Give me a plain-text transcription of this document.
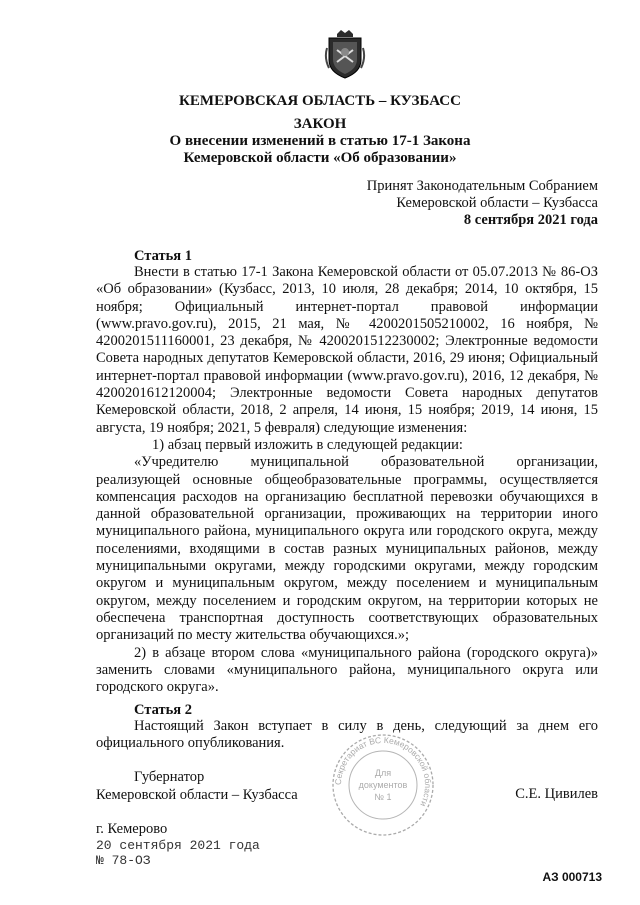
КЕМЕРОВСКАЯ ОБЛАСТЬ – КУЗБАСС
ЗАКОН
О внесении изменений в статью 17-1 Закона
Кемеровской области «Об образовании»
Принят Законодательным Собранием
Кемеровской области – Кузбасса
8 сентября 2021 года
Статья 1

Внести в статью 17-1 Закона Кемеровской области от 05.07.2013 № 86-ОЗ «Об образовании» (Кузбасс, 2013, 10 июля, 28 декабря; 2014, 10 октября, 15 ноября; Официальный интернет-портал правовой информации (www.pravo.gov.ru), 2015, 21 мая, № 4200201505210002, 16 ноября, № 4200201511160001, 23 декабря, № 4200201512230002; Электронные ведомости Совета народных депутатов Кемеровской области, 2016, 29 июня; Официальный интернет-портал правовой информации (www.pravo.gov.ru), 2016, 12 декабря, № 4200201612120004; Электронные ведомости Совета народных депутатов Кемеровской области, 2018, 2 апреля, 14 июня, 15 ноября; 2019, 14 июня, 15 августа, 19 ноября; 2021, 5 февраля) следующие изменения:

1) абзац первый изложить в следующей редакции:

«Учредителю муниципальной образовательной организации, реализующей основные общеобразовательные программы, осуществляется компенсация расходов на организацию бесплатной перевозки обучающихся в данной образовательной организации, проживающих на территории иного муниципального района, муниципального округа или городского округа, между поселениями, входящими в состав разных муниципальных районов, между муниципальными округами, между городскими округами, между городским округом и муниципальным округом, между поселением и муниципальным округом, между поселением и городским округом, на территории которых не обеспечена транспортная доступность соответствующих образовательных организаций по месту жительства обучающихся.»;

2) в абзаце втором слова «муниципального района (городского округа)» заменить словами «муниципального района, муниципального округа или городского округа».

Статья 2

Настоящий Закон вступает в силу в день, следующий за днем его официального опубликования.

Секретариат ВС Кемеровской области
Для
документов
№ 1
Губернатор
Кемеровской области – Кузбасса	С.Е. Цивилев
г. Кемерово
20 сентября 2021 года
№ 78-ОЗ
АЗ 000713
